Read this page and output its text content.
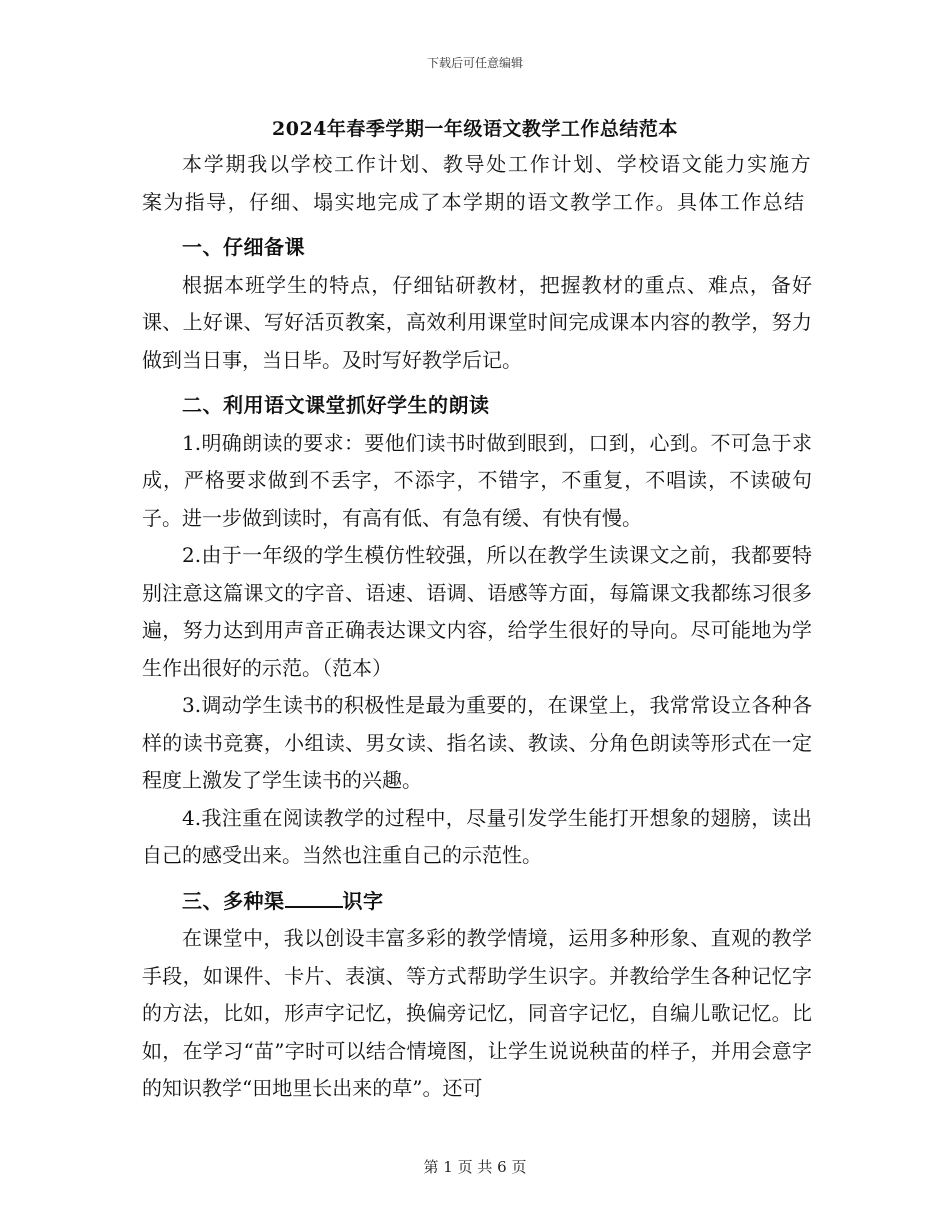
下载后可任意编辑
2024年春季学期一年级语文教学工作总结范本

本学期我以学校工作计划、教导处工作计划、学校语文能力实施方案为指导，仔细、塌实地完成了本学期的语文教学工作。具体工作总结

一、仔细备课

根据本班学生的特点，仔细钻研教材，把握教材的重点、难点，备好课、上好课、写好活页教案，高效利用课堂时间完成课本内容的教学，努力做到当日事，当日毕。及时写好教学后记。

二、利用语文课堂抓好学生的朗读

1.明确朗读的要求：要他们读书时做到眼到，口到，心到。不可急于求成，严格要求做到不丢字，不添字，不错字，不重复，不唱读，不读破句子。进一步做到读时，有高有低、有急有缓、有快有慢。

2.由于一年级的学生模仿性较强，所以在教学生读课文之前，我都要特别注意这篇课文的字音、语速、语调、语感等方面，每篇课文我都练习很多遍，努力达到用声音正确表达课文内容，给学生很好的导向。尽可能地为学生作出很好的示范。（范本）

3.调动学生读书的积极性是最为重要的，在课堂上，我常常设立各种各样的读书竞赛，小组读、男女读、指名读、教读、分角色朗读等形式在一定程度上激发了学生读书的兴趣。

4.我注重在阅读教学的过程中，尽量引发学生能打开想象的翅膀，读出自己的感受出来。当然也注重自己的示范性。

三、多种渠	识字

在课堂中，我以创设丰富多彩的教学情境，运用多种形象、直观的教学手段，如课件、卡片、表演、等方式帮助学生识字。并教给学生各种记忆字的方法，比如，形声字记忆，换偏旁记忆，同音字记忆，自编儿歌记忆。比如，在学习“苗”字时可以结合情境图，让学生说说秧苗的样子，并用会意字的知识教学“田地里长出来的草”。还可

第 1 页 共 6 页
